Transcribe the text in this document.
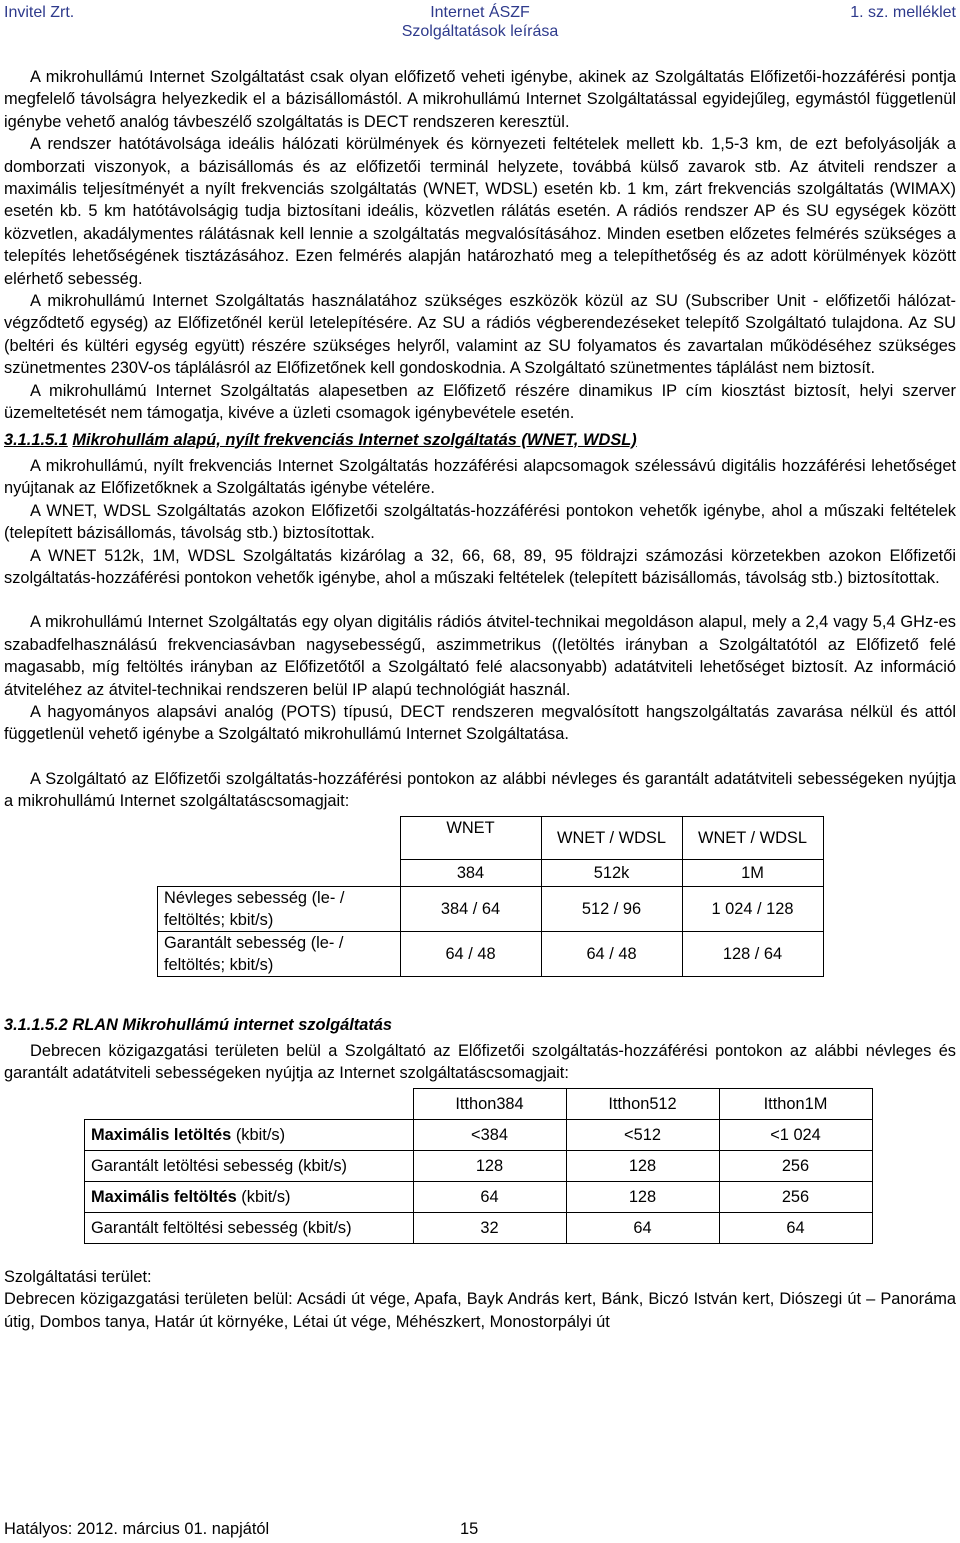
Invitel Zrt.	Internet ÁSZF
Szolgáltatások leírása
1. sz. melléklet

A mikrohullámú Internet Szolgáltatást csak olyan előfizető veheti igénybe, akinek az Szolgáltatás Előfizetői-hozzáférési pontja megfelelő távolságra helyezkedik el a bázisállomástól. A mikrohullámú Internet Szolgáltatással egyidejűleg, egymástól függetlenül igénybe vehető analóg távbeszélő szolgáltatás is DECT rendszeren keresztül.

A rendszer hatótávolsága ideális hálózati körülmények és környezeti feltételek mellett kb. 1,5-3 km, de ezt befolyásolják a domborzati viszonyok, a bázisállomás és az előfizetői terminál helyzete, továbbá külső zavarok stb. Az átviteli rendszer a maximális teljesítményét a nyílt frekvenciás szolgáltatás (WNET, WDSL) esetén kb. 1 km, zárt frekvenciás szolgáltatás (WIMAX) esetén kb. 5 km hatótávolságig tudja biztosítani ideális, közvetlen rálátás esetén. A rádiós rendszer AP és SU egységek között közvetlen, akadálymentes rálátásnak kell lennie a szolgáltatás megvalósításához. Minden esetben előzetes felmérés szükséges a telepítés lehetőségének tisztázásához. Ezen felmérés alapján határozható meg a telepíthetőség és az adott körülmények között elérhető sebesség.

A mikrohullámú Internet Szolgáltatás használatához szükséges eszközök közül az SU (Subscriber Unit - előfizetői hálózat-végződtető egység) az Előfizetőnél kerül letelepítésére. Az SU a rádiós végberendezéseket telepítő Szolgáltató tulajdona. Az SU (beltéri és kültéri egység együtt) részére szükséges helyről, valamint az SU folyamatos és zavartalan működéséhez szükséges szünetmentes 230V-os táplálásról az Előfizetőnek kell gondoskodnia. A Szolgáltató szünetmentes táplálást nem biztosít.

A mikrohullámú Internet Szolgáltatás alapesetben az Előfizető részére dinamikus IP cím kiosztást biztosít, helyi szerver üzemeltetését nem támogatja, kivéve a üzleti csomagok igénybevétele esetén.

3.1.1.5.1 Mikrohullám alapú, nyílt frekvenciás Internet szolgáltatás (WNET, WDSL)

A mikrohullámú, nyílt frekvenciás Internet Szolgáltatás hozzáférési alapcsomagok szélessávú digitális hozzáférési lehetőséget nyújtanak az Előfizetőknek a Szolgáltatás igénybe vételére.

A WNET, WDSL Szolgáltatás azokon Előfizetői szolgáltatás-hozzáférési pontokon vehetők igénybe, ahol a műszaki feltételek (telepített bázisállomás, távolság stb.) biztosítottak.

A WNET 512k, 1M, WDSL Szolgáltatás kizárólag a 32, 66, 68, 89, 95 földrajzi számozási körzetekben azokon Előfizetői szolgáltatás-hozzáférési pontokon vehetők igénybe, ahol a műszaki feltételek (telepített bázisállomás, távolság stb.) biztosítottak.

A mikrohullámú Internet Szolgáltatás egy olyan digitális rádiós átvitel-technikai megoldáson alapul, mely a 2,4 vagy 5,4 GHz-es szabadfelhasználású frekvenciasávban nagysebességű, aszimmetrikus ((letöltés irányban a Szolgáltatótól az Előfizető felé magasabb, míg feltöltés irányban az Előfizetőtől a Szolgáltató felé alacsonyabb) adatátviteli lehetőséget biztosít. Az információ átviteléhez az átvitel-technikai rendszeren belül IP alapú technológiát használ.

A hagyományos alapsávi analóg (POTS) típusú, DECT rendszeren megvalósított hangszolgáltatás zavarása nélkül és attól függetlenül vehető igénybe a Szolgáltató mikrohullámú Internet Szolgáltatása.

A Szolgáltató az Előfizetői szolgáltatás-hozzáférési pontokon az alábbi névleges és garantált adatátviteli sebességeken nyújtja a mikrohullámú Internet szolgáltatáscsomagjait:

	WNET	WNET / WDSL	WNET / WDSL
	384	512k	1M
Névleges sebesség (le- / feltöltés; kbit/s)	384 / 64	512 / 96	1 024 / 128
Garantált sebesség (le- / feltöltés; kbit/s)	64 / 48	64 / 48	128 / 64
3.1.1.5.2 RLAN Mikrohullámú internet szolgáltatás

Debrecen közigazgatási területen belül a Szolgáltató az Előfizetői szolgáltatás-hozzáférési pontokon az alábbi névleges és garantált adatátviteli sebességeken nyújtja az Internet szolgáltatáscsomagjait:

	Itthon384	Itthon512	Itthon1M
Maximális letöltés (kbit/s)	<384	<512	<1 024
Garantált letöltési sebesség (kbit/s)	128	128	256
Maximális feltöltés (kbit/s)	64	128	256
Garantált feltöltési sebesség (kbit/s)	32	64	64

Szolgáltatási terület:

Debrecen közigazgatási területen belül: Acsádi út vége, Apafa, Bayk András kert, Bánk, Biczó István kert, Diószegi út – Panoráma útig, Dombos tanya, Határ út környéke, Létai út vége, Méhészkert, Monostorpályi út

Hatályos: 2012. március 01. napjától	15
